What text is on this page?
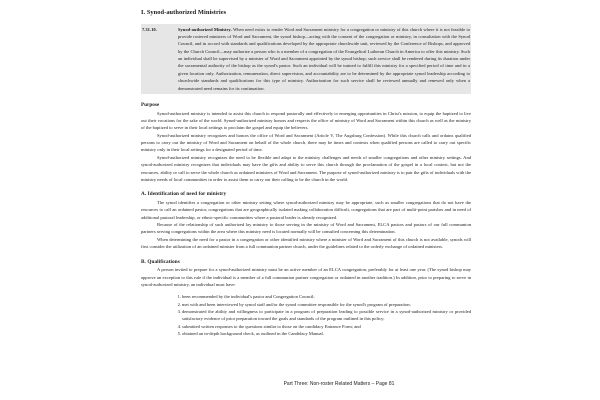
I. Synod-authorized Ministries

7.31.10.	Synod-authorized Ministry. When need exists to render Word and Sacrament ministry for a congregation or ministry of this church where it is not feasible to provide rostered ministers of Word and Sacrament, the synod bishop—acting with the consent of the congregation or ministry, in consultation with the Synod Council, and in accord with standards and qualifications developed by the appropriate churchwide unit, reviewed by the Conference of Bishops, and approved by the Church Council—may authorize a person who is a member of a congregation of the Evangelical Lutheran Church in America to offer this ministry. Such an individual shall be supervised by a minister of Word and Sacrament appointed by the synod bishop; such service shall be rendered during its duration under the sacramental authority of the bishop as the synod's pastor. Such an individual will be trained to fulfill this ministry for a specified period of time and in a given location only. Authorization, remuneration, direct supervision, and accountability are to be determined by the appropriate synod leadership according to churchwide standards and qualifications for this type of ministry. Authorization for such service shall be reviewed annually and renewed only when a demonstrated need remains for its continuation.

Purpose

Synod-authorized ministry is intended to assist this church to respond pastorally and effectively to emerging opportunities in Christ's mission, to equip the baptized to live out their vocations for the sake of the world. Synod-authorized ministry honors and respects the office of ministry of Word and Sacrament within this church as well as the ministry of the baptized to serve in their local settings to proclaim the gospel and equip the believers.

Synod-authorized ministry recognizes and honors the office of Word and Sacrament (Article V, The Augsburg Confession). While this church calls and ordains qualified persons to carry out the ministry of Word and Sacrament on behalf of the whole church, there may be times and contexts when qualified persons are called to carry out specific ministry only in their local settings for a designated period of time.

Synod-authorized ministry recognizes the need to be flexible and adapt to the ministry challenges and needs of smaller congregations and other ministry settings. And synod-authorized ministry recognizes that individuals may have the gifts and ability to serve this church through the proclamation of the gospel in a local context, but not the resources, ability or call to serve the whole church as ordained ministers of Word and Sacrament. The purpose of synod-authorized ministry is to pair the gifts of individuals with the ministry needs of local communities in order to assist them to carry out their calling to be the church in the world.

A. Identification of need for ministry

The synod identifies a congregation or other ministry setting where synod-authorized ministry may be appropriate, such as smaller congregations that do not have the resources to call an ordained pastor, congregations that are geographically isolated making collaboration difficult, congregations that are part of multi-point parishes and in need of additional pastoral leadership, or ethnic-specific communities where a pastoral leader is already recognized.

Because of the relationship of such authorized lay ministry to those serving in the ministry of Word and Sacrament, ELCA pastors and pastors of our full communion partners serving congregations within the area where this ministry need is located normally will be consulted concerning this determination.

When determining the need for a pastor in a congregation or other identified ministry where a minister of Word and Sacrament of this church is not available, synods will first consider the utilization of an ordained minister from a full communion partner church, under the guidelines related to the orderly exchange of ordained ministers.

B. Qualifications

A person invited to prepare for a synod-authorized ministry must be an active member of an ELCA congregation, preferably for at least one year. (The synod bishop may approve an exception to this rule if the individual is a member of a full communion partner congregation or ordained in another tradition.) In addition, prior to preparing to serve in synod-authorized ministry, an individual must have:

1. been recommended by the individual's pastor and Congregation Council;
2. met with and been interviewed by synod staff and/or the synod committee responsible for the synod's program of preparation;
3. demonstrated the ability and willingness to participate in a program of preparation leading to possible service in a synod-authorized ministry or provided satisfactory evidence of prior preparation toward the goals and standards of the program outlined in this policy;
4. submitted written responses to the questions similar to those on the candidacy Entrance Form; and
5. obtained an in-depth background check, as outlined in the Candidacy Manual.
Part Three: Non-roster Related Matters – Page 81
